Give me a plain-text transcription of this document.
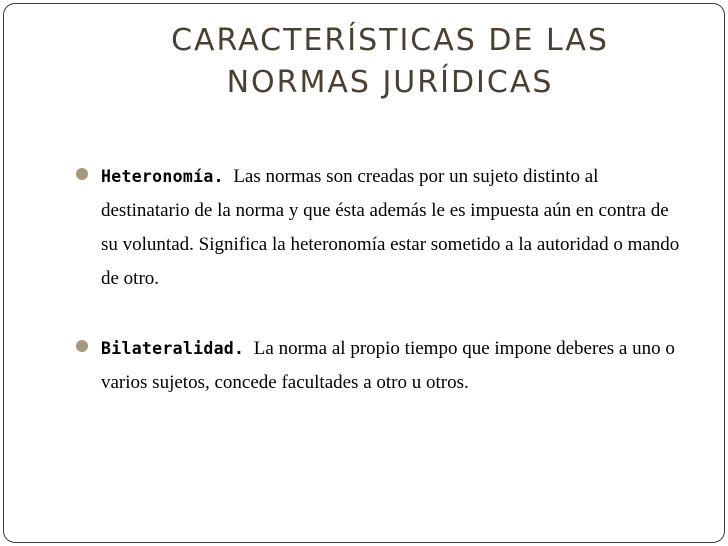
CARACTERÍSTICAS DE LAS
NORMAS JURÍDICAS

Heteronomía. Las normas son creadas por un sujeto distinto al destinatario de la norma y que ésta además le es impuesta aún en contra de su voluntad. Significa la heteronomía estar sometido a la autoridad o mando de otro.

Bilateralidad. La norma al propio tiempo que impone deberes a uno o varios sujetos, concede facultades a otro u otros.
